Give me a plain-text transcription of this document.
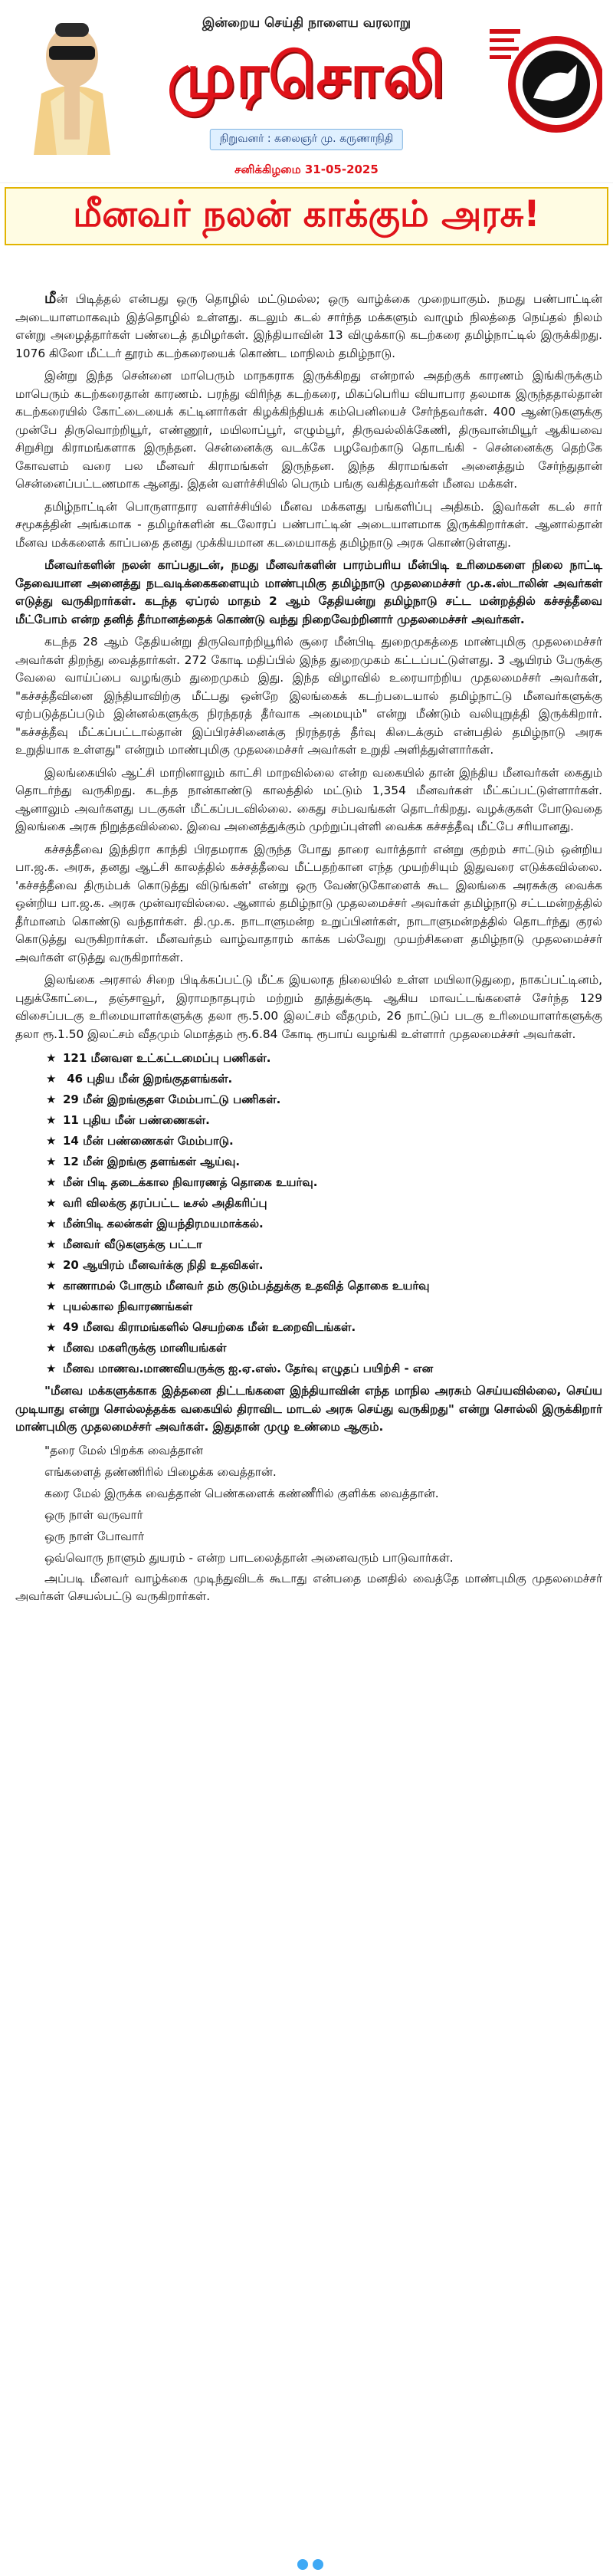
இன்றைய செய்தி நாளைய வரலாறு
முரசொலி
நிறுவனர் : கலைஞர் மு. கருணாநிதி
சனிக்கிழமை 31-05-2025
மீனவர் நலன் காக்கும் அரசு!

மீன் பிடித்தல் என்பது ஒரு தொழில் மட்டுமல்ல; ஒரு வாழ்க்கை முறையாகும். நமது பண்பாட்டின் அடையாளமாகவும் இத்தொழில் உள்ளது. கடலும் கடல் சார்ந்த மக்களும் வாழும் நிலத்தை நெய்தல் நிலம் என்று அழைத்தார்கள் பண்டைத் தமிழர்கள். இந்தியாவின் 13 விழுக்காடு கடற்கரை தமிழ்நாட்டில் இருக்கிறது. 1076 கிலோ மீட்டர் தூரம் கடற்கரையைக் கொண்ட மாநிலம் தமிழ்நாடு.

இன்று இந்த சென்னை மாபெரும் மாநகராக இருக்கிறது என்றால் அதற்குக் காரணம் இங்கிருக்கும் மாபெரும் கடற்கரைதான் காரணம். பரந்து விரிந்த கடற்கரை, மிகப்பெரிய வியாபார தலமாக இருந்ததால்தான் கடற்கரையில் கோட்டையைக் கட்டினார்கள் கிழக்கிந்தியக் கம்பெனியைச் சேர்ந்தவர்கள். 400 ஆண்டுகளுக்கு முன்பே திருவொற்றியூர், எண்ணூர், மயிலாப்பூர், எழும்பூர், திருவல்லிக்கேணி, திருவான்மியூர் ஆகியவை சிறுசிறு கிராமங்களாக இருந்தன. சென்னைக்கு வடக்கே பழவேற்காடு தொடங்கி - சென்னைக்கு தெற்கே கோவளம் வரை பல மீனவர் கிராமங்கள் இருந்தன. இந்த கிராமங்கள் அனைத்தும் சேர்ந்துதான் சென்னைப்பட்டணமாக ஆனது. இதன் வளர்ச்சியில் பெரும் பங்கு வகித்தவர்கள் மீனவ மக்கள்.

தமிழ்நாட்டின் பொருளாதார வளர்ச்சியில் மீனவ மக்களது பங்களிப்பு அதிகம். இவர்கள் கடல் சார் சமூகத்தின் அங்கமாக - தமிழர்களின் கடலோரப் பண்பாட்டின் அடையாளமாக இருக்கிறார்கள். ஆனால்தான் மீனவ மக்களைக் காப்பதை தனது முக்கியமான கடமையாகத் தமிழ்நாடு அரசு கொண்டுள்ளது.

மீனவர்களின் நலன் காப்பதுடன், நமது மீனவர்களின் பாரம்பரிய மீன்பிடி உரிமைகளை நிலை நாட்டி தேவையான அனைத்து நடவடிக்கைகளையும் மாண்புமிகு தமிழ்நாடு முதலமைச்சர் மு.க.ஸ்டாலின் அவர்கள் எடுத்து வருகிறார்கள். கடந்த ஏப்ரல் மாதம் 2 ஆம் தேதியன்று தமிழ்நாடு சட்ட மன்றத்தில் கச்சத்தீவை மீட்போம் என்ற தனித் தீர்மானத்தைக் கொண்டு வந்து நிறைவேற்றினார் முதலமைச்சர் அவர்கள்.

கடந்த 28 ஆம் தேதியன்று திருவொற்றியூரில் சூரை மீன்பிடி துறைமுகத்தை மாண்புமிகு முதலமைச்சர் அவர்கள் திறந்து வைத்தார்கள். 272 கோடி மதிப்பில் இந்த துறைமுகம் கட்டப்பட்டுள்ளது. 3 ஆயிரம் பேருக்கு வேலை வாய்ப்பை வழங்கும் துறைமுகம் இது. இந்த விழாவில் உரையாற்றிய முதலமைச்சர் அவர்கள், "கச்சத்தீவினை இந்தியாவிற்கு மீட்பது ஒன்றே இலங்கைக் கடற்படையால் தமிழ்நாட்டு மீனவர்களுக்கு ஏற்படுத்தப்படும் இன்னல்களுக்கு நிரந்தரத் தீர்வாக அமையும்" என்று மீண்டும் வலியுறுத்தி இருக்கிறார். "கச்சத்தீவு மீட்கப்பட்டால்தான் இப்பிரச்சினைக்கு நிரந்தரத் தீர்வு கிடைக்கும் என்பதில் தமிழ்நாடு அரசு உறுதியாக உள்ளது" என்றும் மாண்புமிகு முதலமைச்சர் அவர்கள் உறுதி அளித்துள்ளார்கள்.

இலங்கையில் ஆட்சி மாறினாலும் காட்சி மாறவில்லை என்ற வகையில் தான் இந்திய மீனவர்கள் கைதும் தொடர்ந்து வருகிறது. கடந்த நான்காண்டு காலத்தில் மட்டும் 1,354 மீனவர்கள் மீட்கப்பட்டுள்ளார்கள். ஆனாலும் அவர்களது படகுகள் மீட்கப்படவில்லை. கைது சம்பவங்கள் தொடர்கிறது. வழக்குகள் போடுவதை இலங்கை அரசு நிறுத்தவில்லை. இவை அனைத்துக்கும் முற்றுப்புள்ளி வைக்க கச்சத்தீவு மீட்பே சரியானது.

கச்சத்தீவை இந்திரா காந்தி பிரதமராக இருந்த போது தாரை வார்த்தார் என்று குற்றம் சாட்டும் ஒன்றிய பா.ஜ.க. அரசு, தனது ஆட்சி காலத்தில் கச்சத்தீவை மீட்பதற்கான எந்த முயற்சியும் இதுவரை எடுக்கவில்லை. 'கச்சத்தீவை திரும்பக் கொடுத்து விடுங்கள்' என்று ஒரு வேண்டுகோளைக் கூட இலங்கை அரசுக்கு வைக்க ஒன்றிய பா.ஜ.க. அரசு முன்வரவில்லை. ஆனால் தமிழ்நாடு முதலமைச்சர் அவர்கள் தமிழ்நாடு சட்டமன்றத்தில் தீர்மானம் கொண்டு வந்தார்கள். தி.மு.க. நாடாளுமன்ற உறுப்பினர்கள், நாடாளுமன்றத்தில் தொடர்ந்து குரல் கொடுத்து வருகிறார்கள். மீனவர்தம் வாழ்வாதாரம் காக்க பல்வேறு முயற்சிகளை தமிழ்நாடு முதலமைச்சர் அவர்கள் எடுத்து வருகிறார்கள்.

இலங்கை அரசால் சிறை பிடிக்கப்பட்டு மீட்க இயலாத நிலையில் உள்ள மயிலாடுதுறை, நாகப்பட்டினம், புதுக்கோட்டை, தஞ்சாவூர், இராமநாதபுரம் மற்றும் தூத்துக்குடி ஆகிய மாவட்டங்களைச் சேர்ந்த 129 விசைப்படகு உரிமையாளர்களுக்கு தலா ரூ.5.00 இலட்சம் வீதமும், 26 நாட்டுப் படகு உரிமையாளர்களுக்கு தலா ரூ.1.50 இலட்சம் வீதமும் மொத்தம் ரூ.6.84 கோடி ரூபாய் வழங்கி உள்ளார் முதலமைச்சர் அவர்கள்.

★ 121 மீனவள உட்கட்டமைப்பு பணிகள்.
★ 46 புதிய மீன் இறங்குதளங்கள்.
★ 29 மீன் இறங்குதள மேம்பாட்டு பணிகள்.
★ 11 புதிய மீன் பண்ணைகள்.
★ 14 மீன் பண்ணைகள் மேம்பாடு.
★ 12 மீன் இறங்கு தளங்கள் ஆய்வு.
★ மீன் பிடி தடைக்கால நிவாரணத் தொகை உயர்வு.
★ வரி விலக்கு தரப்பட்ட டீசல் அதிகரிப்பு
★ மீன்பிடி கலன்கள் இயந்திரமயமாக்கல்.
★ மீனவர் வீடுகளுக்கு பட்டா
★ 20 ஆயிரம் மீனவர்க்கு நிதி உதவிகள்.
★ காணாமல் போகும் மீனவர் தம் குடும்பத்துக்கு உதவித் தொகை உயர்வு
★ புயல்கால நிவாரணங்கள்
★ 49 மீனவ கிராமங்களில் செயற்கை மீன் உறைவிடங்கள்.
★ மீனவ மகளிருக்கு மானியங்கள்
★ மீனவ மாணவ.மாணவியருக்கு ஐ.ஏ.எஸ். தேர்வு எழுதப் பயிற்சி - என

"மீனவ மக்களுக்காக இத்தனை திட்டங்களை இந்தியாவின் எந்த மாநில அரசும் செய்யவில்லை, செய்ய முடியாது என்று சொல்லத்தக்க வகையில் திராவிட மாடல் அரசு செய்து வருகிறது" என்று சொல்லி இருக்கிறார் மாண்புமிகு முதலமைச்சர் அவர்கள். இதுதான் முழு உண்மை ஆகும்.

"தரை மேல் பிறக்க வைத்தான்

எங்களைத் தண்ணிரில் பிழைக்க வைத்தான்.

கரை மேல் இருக்க வைத்தான் பெண்களைக் கண்ணீரில் குளிக்க வைத்தான்.

ஒரு நாள் வருவார்

ஒரு நாள் போவார்

ஒவ்வொரு நாளும் துயரம் - என்ற பாடலைத்தான் அனைவரும் பாடுவார்கள்.

அப்படி மீனவர் வாழ்க்கை முடிந்துவிடக் கூடாது என்பதை மனதில் வைத்தே மாண்புமிகு முதலமைச்சர் அவர்கள் செயல்பட்டு வருகிறார்கள்.
